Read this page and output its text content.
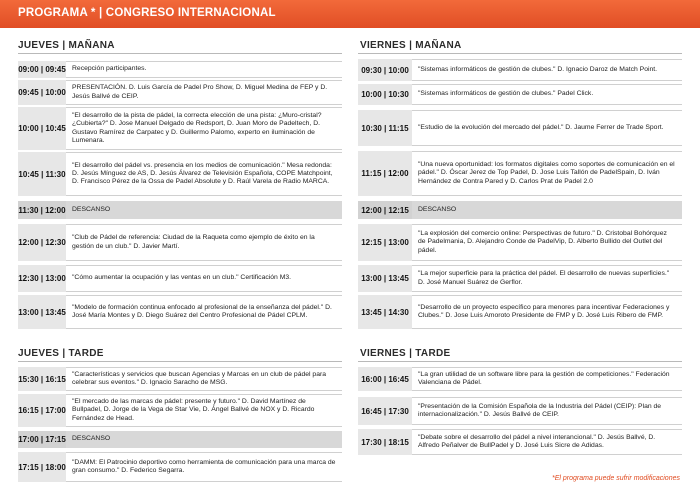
PROGRAMA * | CONGRESO INTERNACIONAL
JUEVES | MAÑANA
09:00 | 09:45 Recepción participantes.
09:45 | 10:00
PRESENTACIÓN. D. Luis García de Padel Pro Show, D. Miguel Medina de FEP y D. Jesús Ballvé de CEIP.
10:00 | 10:45
"El desarrollo de la pista de pádel, la correcta elección de una pista: ¿Muro-cristal? ¿Cubierta?" D. Jose Manuel Delgado de Redsport, D. Juan Moro de Padeltech, D. Gustavo Ramírez de Carpatec y D. Guillermo Palomo, experto en iluminación de Lumenara.
10:45 | 11:30
"El desarrollo del pádel vs. presencia en los medios de comunicación." Mesa redonda: D. Jesús Mínguez de AS, D. Jesús Álvarez de Televisión Española, COPE Matchpoint, D. Francisco Pérez de la Ossa de Padel Absolute y D. Raúl Varela de Radio MARCA.
11:30 | 12:00 DESCANSO
12:00 | 12:30
"Club de Pádel de referencia: Ciudad de la Raqueta como ejemplo de éxito en la gestión de un club." D. Javier Martí.
12:30 | 13:00 "Cómo aumentar la ocupación y las ventas en un club." Certificación M3.
13:00 | 13:45
"Modelo de formación continua enfocado al profesional de la enseñanza del pádel." D. José María Montes y D. Diego Suárez del Centro Profesional de Pádel CPLM.
VIERNES | MAÑANA
09:30 | 10:00	"Sistemas informáticos de gestión de clubes." D. Ignacio Daroz de Match Point.
10:00 | 10:30	"Sistemas informáticos de gestión de clubes." Padel Click.
10:30 | 11:15	"Estudio de la evolución del mercado del pádel." D. Jaume Ferrer de Trade Sport.
11:15 | 12:00
"Una nueva oportunidad: los formatos digitales como soportes de comunicación en el pádel." D. Óscar Jerez de Top Padel, D. Jose Luis Tallón de PadelSpain, D. Iván Hernández de Contra Pared y D. Carlos Prat de Padel 2.0
12:00 | 12:15	DESCANSO
12:15 | 13:00
"La explosión del comercio online: Perspectivas de futuro." D. Cristobal Bohórquez de Padelmania, D. Alejandro Conde de PadelVip, D. Alberto Bullido del Outlet del pádel.
13:00 | 13:45
"La mejor superficie para la práctica del pádel. El desarrollo de nuevas superficies." D. José Manuel Suárez de Gerflor.
13:45 | 14:30
"Desarrollo de un proyecto específico para menores para incentivar Federaciones y Clubes." D. Jose Luis Amoroto Presidente de FMP y D. José Luis Ribero de FMP.
JUEVES | TARDE
15:30 | 16:15
"Características y servicios que buscan Agencias y Marcas en un club de pádel para celebrar sus eventos." D. Ignacio Saracho de MSG.
16:15 | 17:00
"El mercado de las marcas de pádel: presente y futuro." D. David Martínez de Bullpadel, D. Jorge de la Vega de Star Vie, D. Ángel Ballvé de NOX y D. Ricardo Fernández de Head.
17:00 | 17:15 DESCANSO
17:15 | 18:00
"DAMM: El Patrocinio deportivo como herramienta de comunicación para una marca de gran consumo." D. Federico Segarra.
VIERNES | TARDE
16:00 | 16:45
"La gran utilidad de un software libre para la gestión de competiciones." Federación Valenciana de Pádel.
16:45 | 17:30
"Presentación de la Comisión Española de la Industria del Pádel (CEIP): Plan de internacionalización." D. Jesús Ballvé de CEIP.
17:30 | 18:15
"Debate sobre el desarrollo del pádel a nivel interancional." D. Jesús Ballvé, D. Alfredo Peñalver de BullPadel y D. José Luis Sicre de Adidas.
*El programa puede sufrir modificaciones
